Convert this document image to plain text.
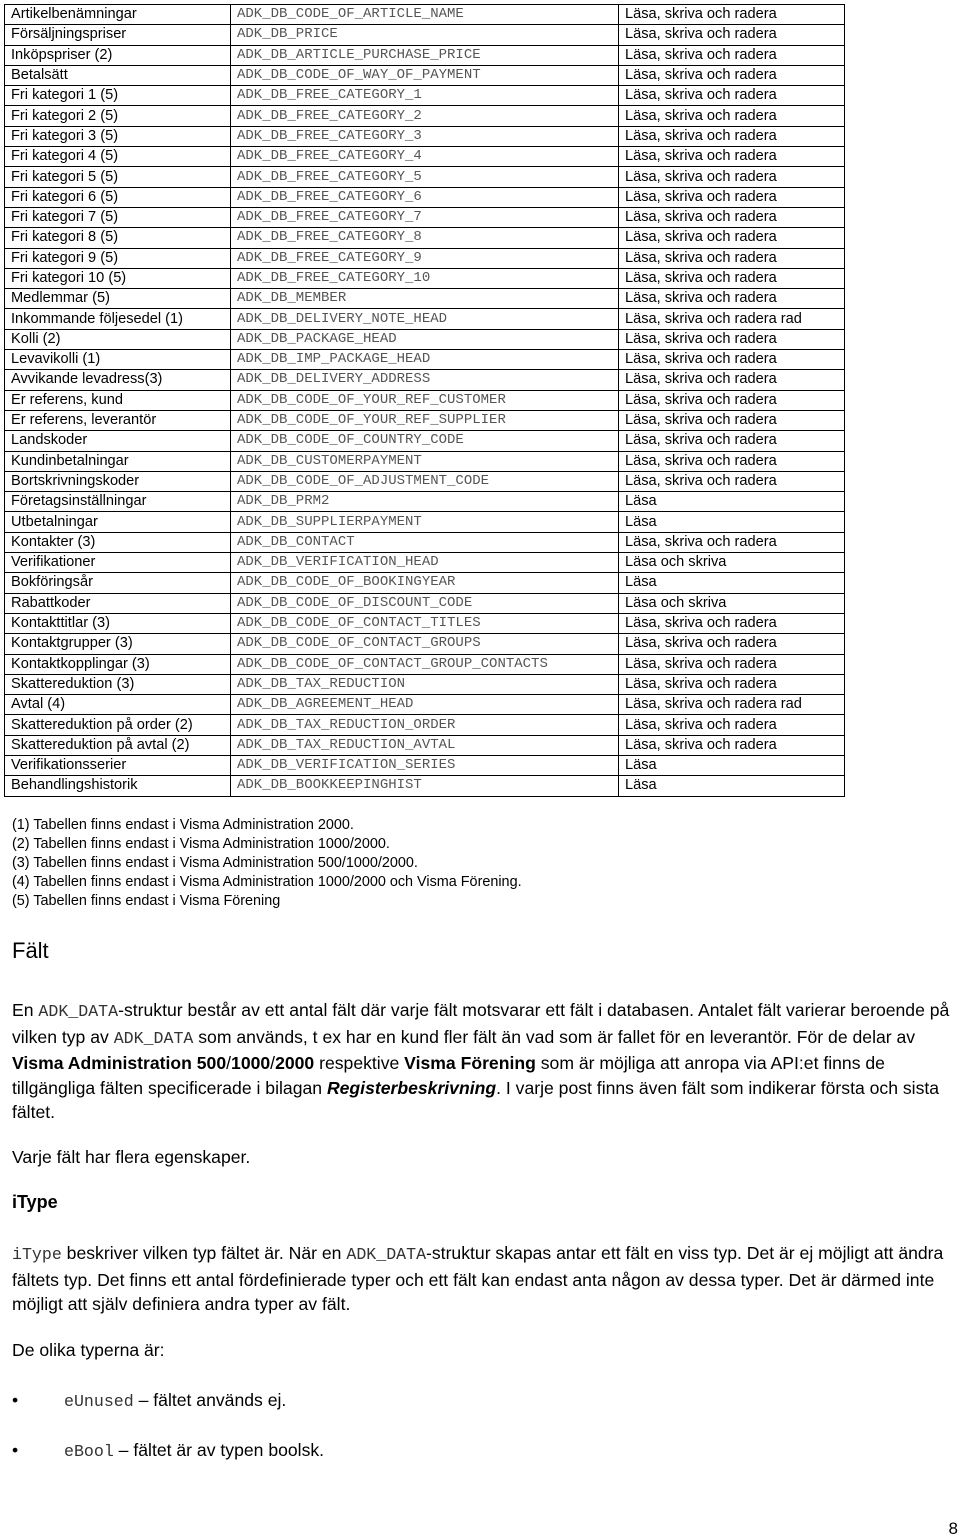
Artikelbenämningar	ADK_DB_CODE_OF_ARTICLE_NAME	Läsa, skriva och radera
Försäljningspriser	ADK_DB_PRICE	Läsa, skriva och radera
Inköpspriser (2)	ADK_DB_ARTICLE_PURCHASE_PRICE	Läsa, skriva och radera
Betalsätt	ADK_DB_CODE_OF_WAY_OF_PAYMENT	Läsa, skriva och radera
Fri kategori 1 (5)	ADK_DB_FREE_CATEGORY_1	Läsa, skriva och radera
Fri kategori 2 (5)	ADK_DB_FREE_CATEGORY_2	Läsa, skriva och radera
Fri kategori 3 (5)	ADK_DB_FREE_CATEGORY_3	Läsa, skriva och radera
Fri kategori 4 (5)	ADK_DB_FREE_CATEGORY_4	Läsa, skriva och radera
Fri kategori 5 (5)	ADK_DB_FREE_CATEGORY_5	Läsa, skriva och radera
Fri kategori 6 (5)	ADK_DB_FREE_CATEGORY_6	Läsa, skriva och radera
Fri kategori 7 (5)	ADK_DB_FREE_CATEGORY_7	Läsa, skriva och radera
Fri kategori 8 (5)	ADK_DB_FREE_CATEGORY_8	Läsa, skriva och radera
Fri kategori 9 (5)	ADK_DB_FREE_CATEGORY_9	Läsa, skriva och radera
Fri kategori 10 (5)	ADK_DB_FREE_CATEGORY_10	Läsa, skriva och radera
Medlemmar (5)	ADK_DB_MEMBER	Läsa, skriva och radera
Inkommande följesedel (1)	ADK_DB_DELIVERY_NOTE_HEAD	Läsa, skriva och radera rad
Kolli (2)	ADK_DB_PACKAGE_HEAD	Läsa, skriva och radera
Levavikolli (1)	ADK_DB_IMP_PACKAGE_HEAD	Läsa, skriva och radera
Avvikande levadress(3)	ADK_DB_DELIVERY_ADDRESS	Läsa, skriva och radera
Er referens, kund	ADK_DB_CODE_OF_YOUR_REF_CUSTOMER	Läsa, skriva och radera
Er referens, leverantör	ADK_DB_CODE_OF_YOUR_REF_SUPPLIER	Läsa, skriva och radera
Landskoder	ADK_DB_CODE_OF_COUNTRY_CODE	Läsa, skriva och radera
Kundinbetalningar	ADK_DB_CUSTOMERPAYMENT	Läsa, skriva och radera
Bortskrivningskoder	ADK_DB_CODE_OF_ADJUSTMENT_CODE	Läsa, skriva och radera
Företagsinställningar	ADK_DB_PRM2	Läsa
Utbetalningar	ADK_DB_SUPPLIERPAYMENT	Läsa
Kontakter (3)	ADK_DB_CONTACT	Läsa, skriva och radera
Verifikationer	ADK_DB_VERIFICATION_HEAD	Läsa och skriva
Bokföringsår	ADK_DB_CODE_OF_BOOKINGYEAR	Läsa
Rabattkoder	ADK_DB_CODE_OF_DISCOUNT_CODE	Läsa och skriva
Kontakttitlar (3)	ADK_DB_CODE_OF_CONTACT_TITLES	Läsa, skriva och radera
Kontaktgrupper (3)	ADK_DB_CODE_OF_CONTACT_GROUPS	Läsa, skriva och radera
Kontaktkopplingar (3)	ADK_DB_CODE_OF_CONTACT_GROUP_CONTACTS	Läsa, skriva och radera
Skattereduktion (3)	ADK_DB_TAX_REDUCTION	Läsa, skriva och radera
Avtal (4)	ADK_DB_AGREEMENT_HEAD	Läsa, skriva och radera rad
Skattereduktion på order (2)	ADK_DB_TAX_REDUCTION_ORDER	Läsa, skriva och radera
Skattereduktion på avtal (2)	ADK_DB_TAX_REDUCTION_AVTAL	Läsa, skriva och radera
Verifikationsserier	ADK_DB_VERIFICATION_SERIES	Läsa
Behandlingshistorik	ADK_DB_BOOKKEEPINGHIST	Läsa
(1) Tabellen finns endast i Visma Administration 2000.
(2) Tabellen finns endast i Visma Administration 1000/2000.
(3) Tabellen finns endast i Visma Administration 500/1000/2000.
(4) Tabellen finns endast i Visma Administration 1000/2000 och Visma Förening.
(5) Tabellen finns endast i Visma Förening
Fält

En ADK_DATA-struktur består av ett antal fält där varje fält motsvarar ett fält i databasen. Antalet fält varierar beroende på vilken typ av ADK_DATA som används, t ex har en kund fler fält än vad som är fallet för en leverantör. För de delar av Visma Administration 500/1000/2000 respektive Visma Förening som är möjliga att anropa via API:et finns de tillgängliga fälten specificerade i bilagan Registerbeskrivning. I varje post finns även fält som indikerar första och sista fältet.

Varje fält har flera egenskaper.

iType

iType beskriver vilken typ fältet är. När en ADK_DATA-struktur skapas antar ett fält en viss typ. Det är ej möjligt att ändra fältets typ. Det finns ett antal fördefinierade typer och ett fält kan endast anta någon av dessa typer. Det är därmed inte möjligt att själv definiera andra typer av fält.

De olika typerna är:

•	eUnused – fältet används ej.
•	eBool – fältet är av typen boolsk.
8
